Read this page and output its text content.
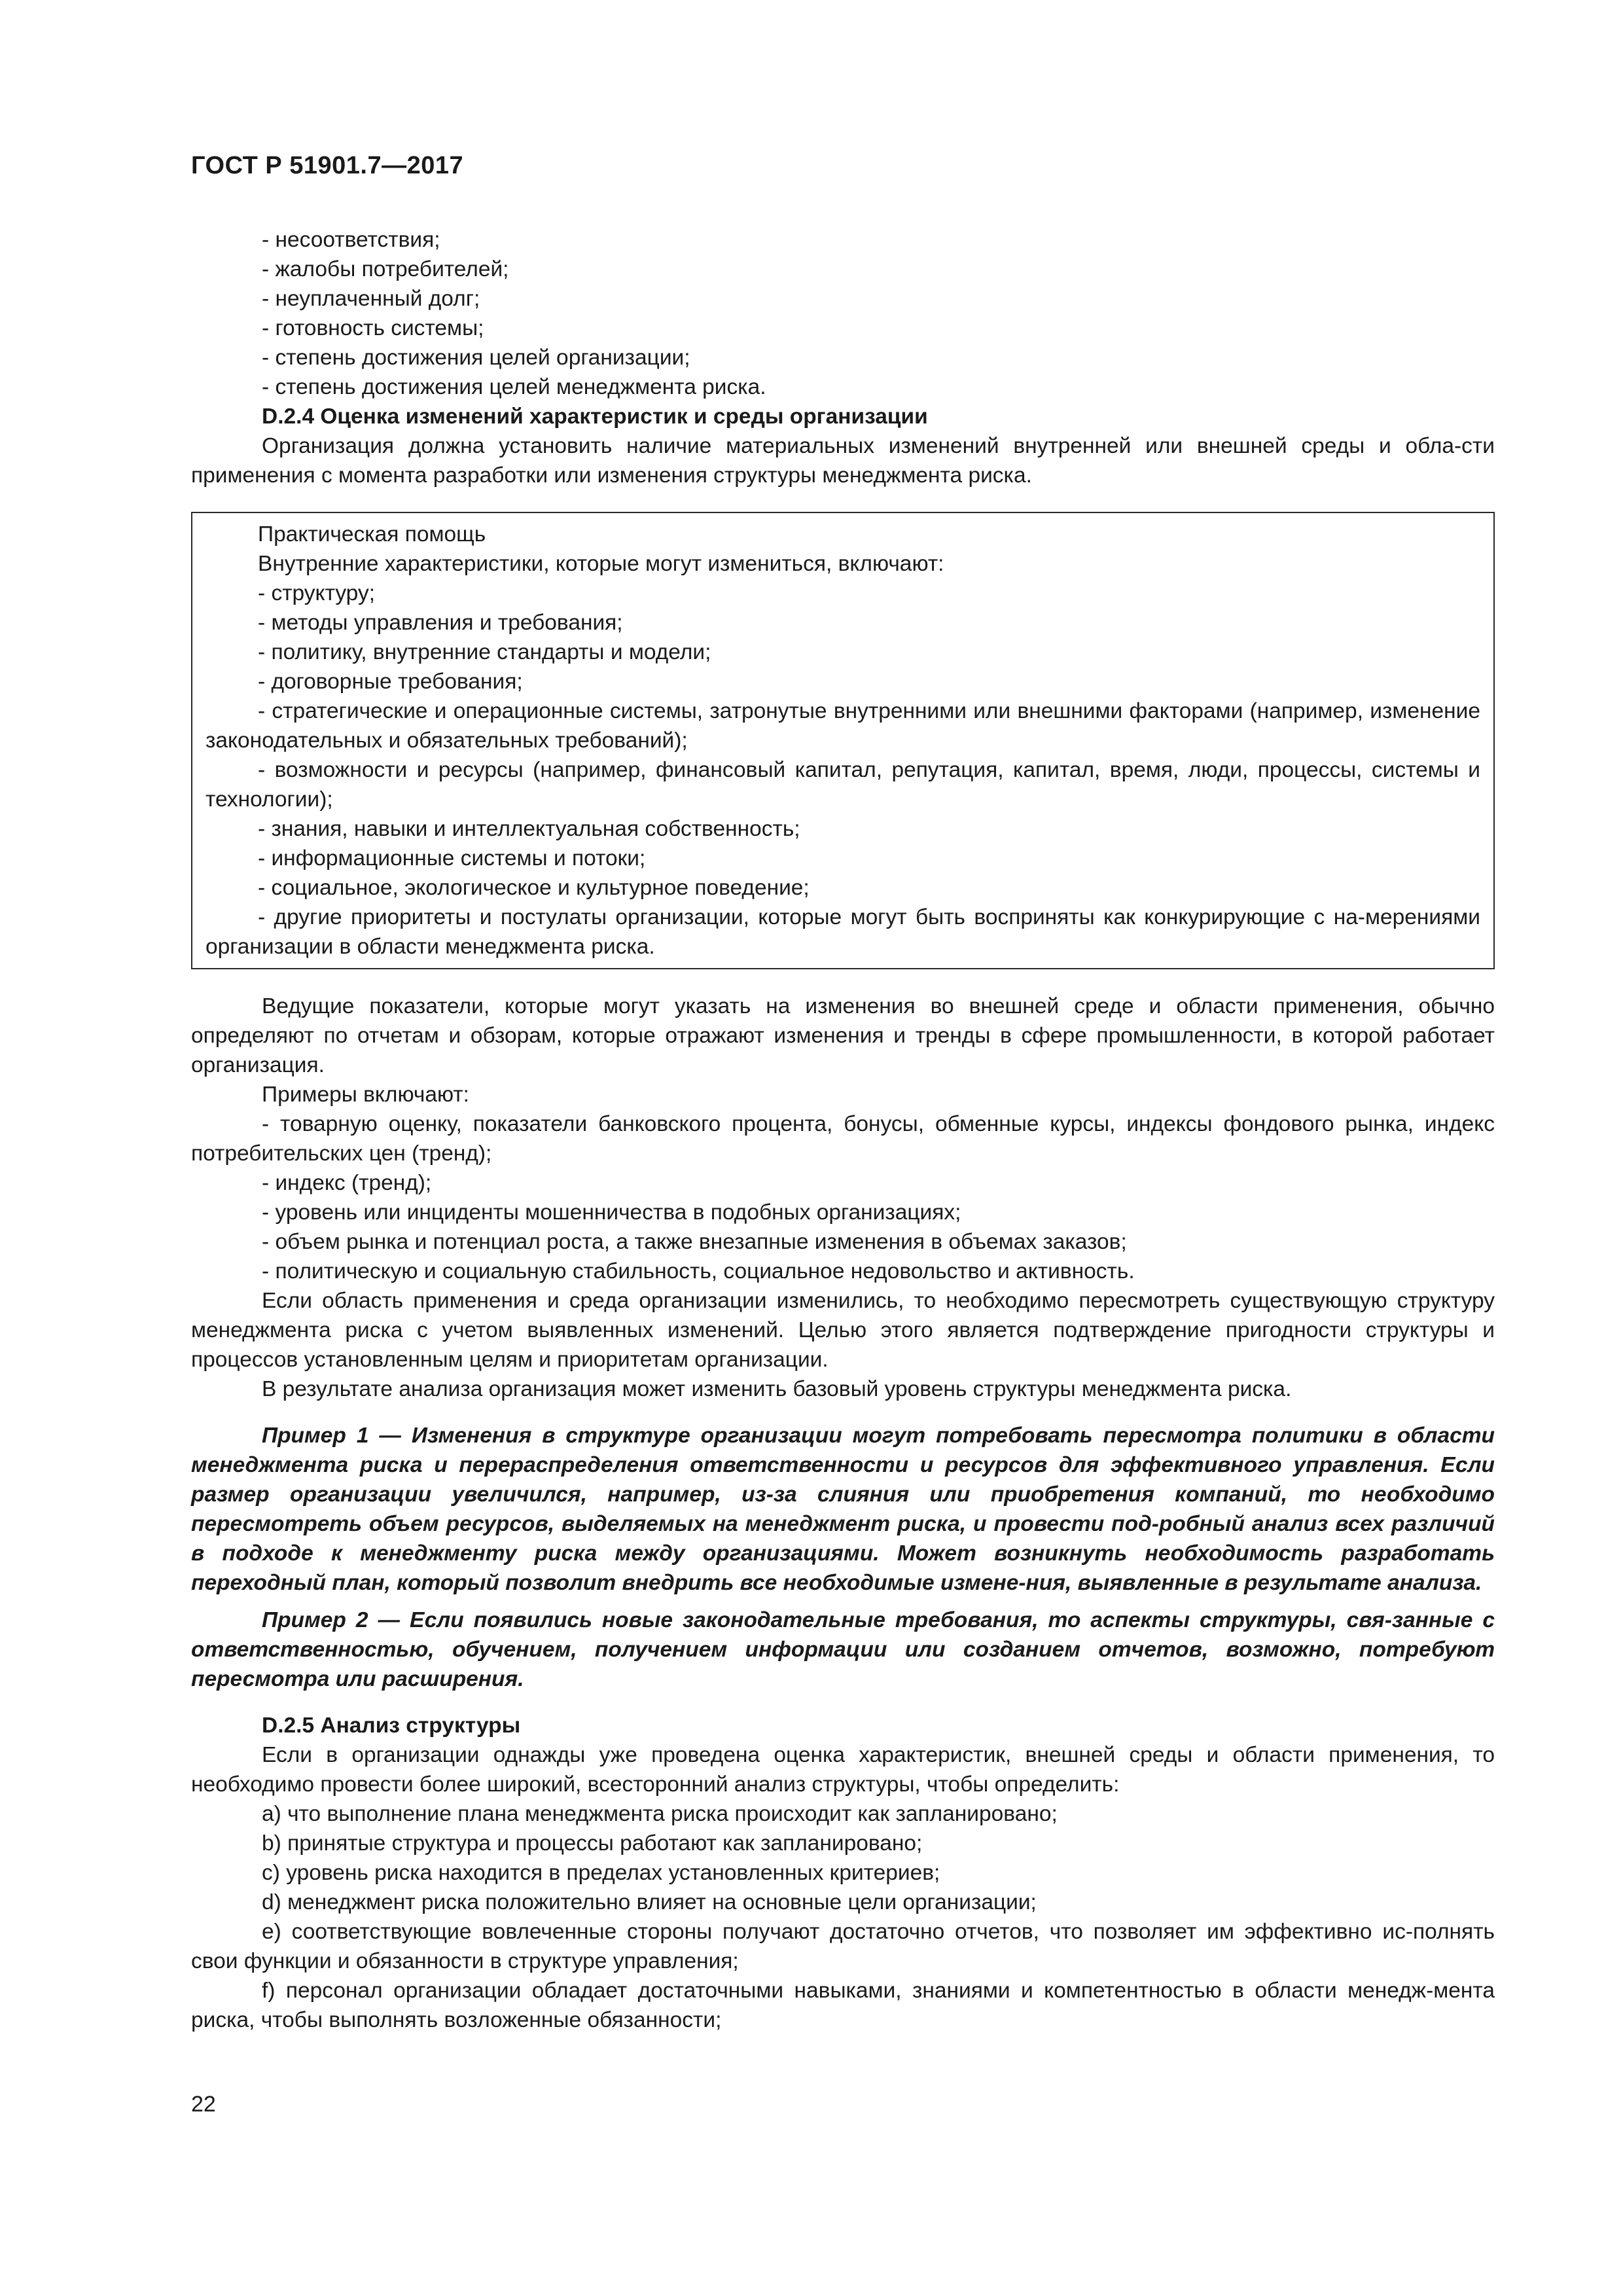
ГОСТ Р 51901.7—2017

- несоответствия;

- жалобы потребителей;

- неуплаченный долг;

- готовность системы;

- степень достижения целей организации;

- степень достижения целей менеджмента риска.

D.2.4 Оценка изменений характеристик и среды организации

Организация должна установить наличие материальных изменений внутренней или внешней среды и обла-сти применения с момента разработки или изменения структуры менеджмента риска.

Практическая помощь

Внутренние характеристики, которые могут измениться, включают:

- структуру;

- методы управления и требования;

- политику, внутренние стандарты и модели;

- договорные требования;

- стратегические и операционные системы, затронутые внутренними или внешними факторами (например, изменение законодательных и обязательных требований);

- возможности и ресурсы (например, финансовый капитал, репутация, капитал, время, люди, процессы, системы и технологии);

- знания, навыки и интеллектуальная собственность;

- информационные системы и потоки;

- социальное, экологическое и культурное поведение;

- другие приоритеты и постулаты организации, которые могут быть восприняты как конкурирующие с на-мерениями организации в области менеджмента риска.

Ведущие показатели, которые могут указать на изменения во внешней среде и области применения, обычно определяют по отчетам и обзорам, которые отражают изменения и тренды в сфере промышленности, в которой работает организация.

Примеры включают:

- товарную оценку, показатели банковского процента, бонусы, обменные курсы, индексы фондового рынка, индекс потребительских цен (тренд);

- индекс (тренд);

- уровень или инциденты мошенничества в подобных организациях;

- объем рынка и потенциал роста, а также внезапные изменения в объемах заказов;

- политическую и социальную стабильность, социальное недовольство и активность.

Если область применения и среда организации изменились, то необходимо пересмотреть существующую структуру менеджмента риска с учетом выявленных изменений. Целью этого является подтверждение пригодности структуры и процессов установленным целям и приоритетам организации.

В результате анализа организация может изменить базовый уровень структуры менеджмента риска.

Пример 1 — Изменения в структуре организации могут потребовать пересмотра политики в области менеджмента риска и перераспределения ответственности и ресурсов для эффективного управления. Если размер организации увеличился, например, из-за слияния или приобретения компаний, то необходимо пересмотреть объем ресурсов, выделяемых на менеджмент риска, и провести под-робный анализ всех различий в подходе к менеджменту риска между организациями. Может возникнуть необходимость разработать переходный план, который позволит внедрить все необходимые измене-ния, выявленные в результате анализа.

Пример 2 — Если появились новые законодательные требования, то аспекты структуры, свя-занные с ответственностью, обучением, получением информации или созданием отчетов, возможно, потребуют пересмотра или расширения.

D.2.5 Анализ структуры

Если в организации однажды уже проведена оценка характеристик, внешней среды и области применения, то необходимо провести более широкий, всесторонний анализ структуры, чтобы определить:

a) что выполнение плана менеджмента риска происходит как запланировано;

b) принятые структура и процессы работают как запланировано;

c) уровень риска находится в пределах установленных критериев;

d) менеджмент риска положительно влияет на основные цели организации;

e) соответствующие вовлеченные стороны получают достаточно отчетов, что позволяет им эффективно ис-полнять свои функции и обязанности в структуре управления;

f) персонал организации обладает достаточными навыками, знаниями и компетентностью в области менедж-мента риска, чтобы выполнять возложенные обязанности;

22
